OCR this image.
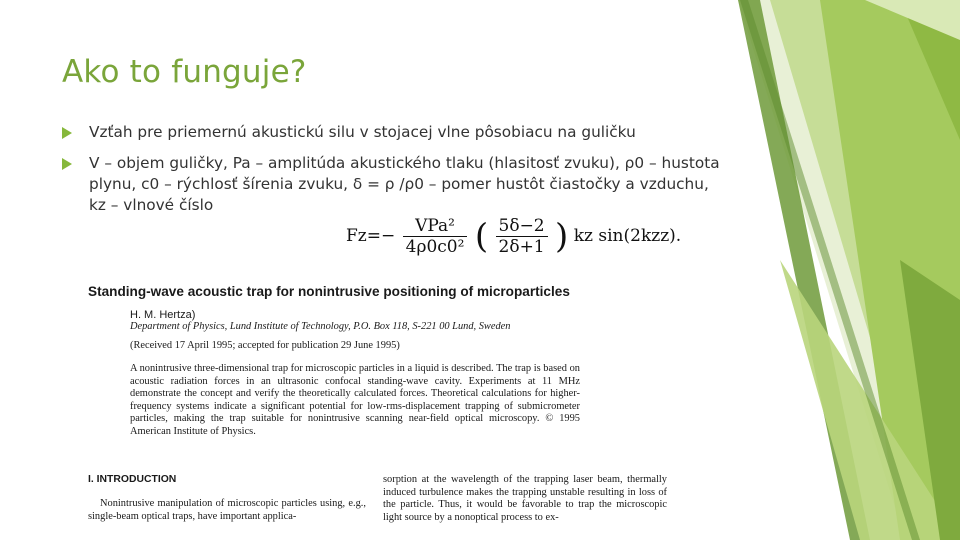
Ako to funguje?
Vzťah pre priemernú akustickú silu v stojacej vlne pôsobiacu na guličku
V – objem guličky, Pa – amplitúda akustického tlaku (hlasitosť zvuku), ρ0 – hustota plynu, c0 – rýchlosť šírenia zvuku, δ = ρ /ρ0 – pomer hustôt čiastočky a vzduchu, kz – vlnové číslo
$Fz=- \frac{\text{VPa²}}{\text{4ρ0c0²}}$ ( $\frac{5\delta-2}{2\delta+1}$ ) kz sin(2kzz).
Standing-wave acoustic trap for nonintrusive positioning of microparticles
H. M. Hertza)
Department of Physics, Lund Institute of Technology, P.O. Box 118, S-221 00 Lund, Sweden
(Received 17 April 1995; accepted for publication 29 June 1995)
A nonintrusive three-dimensional trap for microscopic particles in a liquid is described. The trap is based on acoustic radiation forces in an ultrasonic confocal standing-wave cavity. Experiments at 11 MHz demonstrate the concept and verify the theoretically calculated forces. Theoretical calculations for higher-frequency systems indicate a significant potential for low-rms-displacement trapping of submicrometer particles, making the trap suitable for nonintrusive scanning near-field optical microscopy. © 1995 American Institute of Physics.
I. INTRODUCTION
Nonintrusive manipulation of microscopic particles using, e.g., single-beam optical traps, have important applica-
sorption at the wavelength of the trapping laser beam, thermally induced turbulence makes the trapping unstable resulting in loss of the particle. Thus, it would be favorable to trap the microscopic light source by a nonoptical process to ex-
